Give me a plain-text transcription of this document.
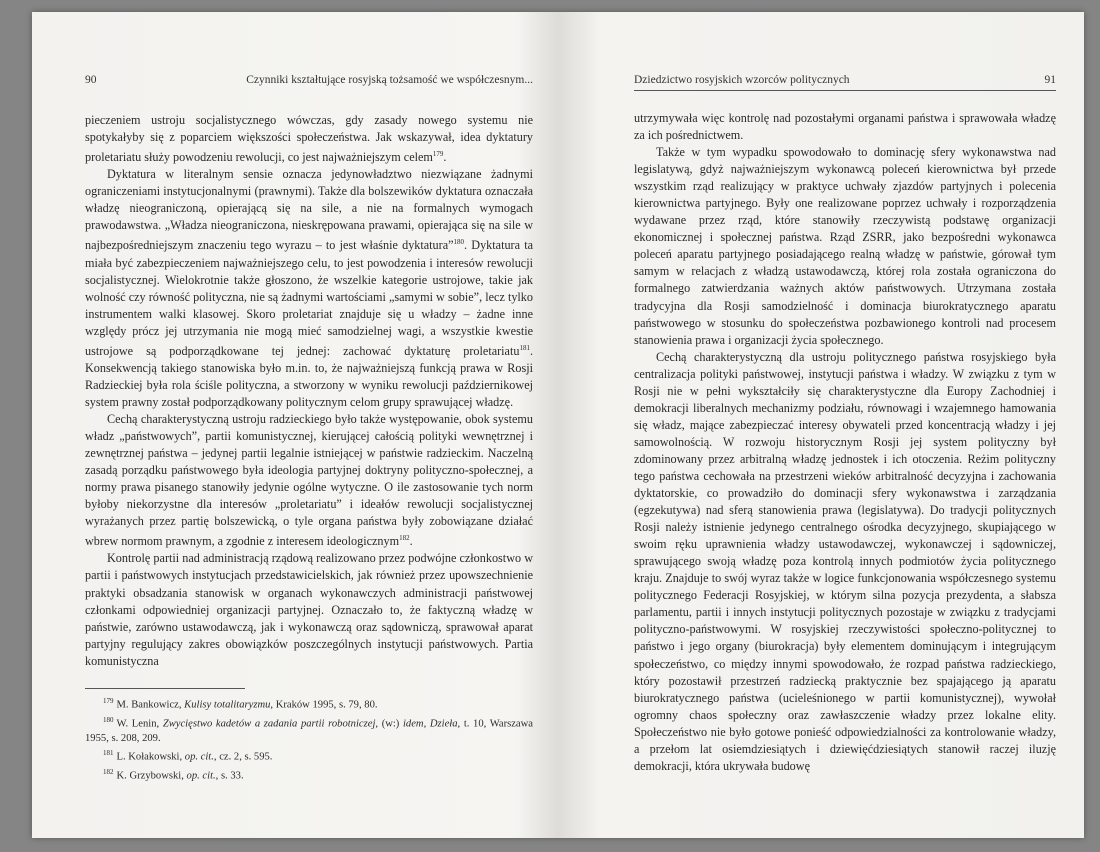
90	Czynniki kształtujące rosyjską tożsamość we współczesnym...

pieczeniem ustroju socjalistycznego wówczas, gdy zasady nowego systemu nie spotykałyby się z poparciem większości społeczeństwa. Jak wskazywał, idea dyktatury proletariatu służy powodzeniu rewolucji, co jest najważniejszym celem$^{179}$.

Dyktatura w literalnym sensie oznacza jedynowładztwo niezwiązane żadnymi ograniczeniami instytucjonalnymi (prawnymi). Także dla bolszewików dyktatura oznaczała władzę nieograniczoną, opierającą się na sile, a nie na formalnych wymogach prawodawstwa. „Władza nieograniczona, nieskrępowana prawami, opierająca się na sile w najbezpośredniejszym znaczeniu tego wyrazu – to jest właśnie dyktatura”$^{180}$. Dyktatura ta miała być zabezpieczeniem najważniejszego celu, to jest powodzenia i interesów rewolucji socjalistycznej. Wielokrotnie także głoszono, że wszelkie kategorie ustrojowe, takie jak wolność czy równość polityczna, nie są żadnymi wartościami „samymi w sobie”, lecz tylko instrumentem walki klasowej. Skoro proletariat znajduje się u władzy – żadne inne względy prócz jej utrzymania nie mogą mieć samodzielnej wagi, a wszystkie kwestie ustrojowe są podporządkowane tej jednej: zachować dyktaturę proletariatu$^{181}$. Konsekwencją takiego stanowiska było m.in. to, że najważniejszą funkcją prawa w Rosji Radzieckiej była rola ściśle polityczna, a stworzony w wyniku rewolucji październikowej system prawny został podporządkowany politycznym celom grupy sprawującej władzę.

Cechą charakterystyczną ustroju radzieckiego było także występowanie, obok systemu władz „państwowych”, partii komunistycznej, kierującej całością polityki wewnętrznej i zewnętrznej państwa – jedynej partii legalnie istniejącej w państwie radzieckim. Naczelną zasadą porządku państwowego była ideologia partyjnej doktryny polityczno-społecznej, a normy prawa pisanego stanowiły jedynie ogólne wytyczne. O ile zastosowanie tych norm byłoby niekorzystne dla interesów „proletariatu” i ideałów rewolucji socjalistycznej wyrażanych przez partię bolszewicką, o tyle organa państwa były zobowiązane działać wbrew normom prawnym, a zgodnie z interesem ideologicznym$^{182}$.

Kontrolę partii nad administracją rządową realizowano przez podwójne członkostwo w partii i państwowych instytucjach przedstawicielskich, jak również przez upowszechnienie praktyki obsadzania stanowisk w organach wykonawczych administracji państwowej członkami odpowiedniej organizacji partyjnej. Oznaczało to, że faktyczną władzę w państwie, zarówno ustawodawczą, jak i wykonawczą oraz sądowniczą, sprawował aparat partyjny regulujący zakres obowiązków poszczególnych instytucji państwowych. Partia komunistyczna

$^{179}$ M. Bankowicz, Kulisy totalitaryzmu, Kraków 1995, s. 79, 80.

$^{180}$ W. Lenin, Zwycięstwo kadetów a zadania partii robotniczej, (w:) idem, Dzieła, t. 10, Warszawa 1955, s. 208, 209.

$^{181}$ L. Kołakowski, op. cit., cz. 2, s. 595.

$^{182}$ K. Grzybowski, op. cit., s. 33.

Dziedzictwo rosyjskich wzorców politycznych	91

utrzymywała więc kontrolę nad pozostałymi organami państwa i sprawowała władzę za ich pośrednictwem.

Także w tym wypadku spowodowało to dominację sfery wykonawstwa nad legislatywą, gdyż najważniejszym wykonawcą poleceń kierownictwa był przede wszystkim rząd realizujący w praktyce uchwały zjazdów partyjnych i polecenia kierownictwa partyjnego. Były one realizowane poprzez uchwały i rozporządzenia wydawane przez rząd, które stanowiły rzeczywistą podstawę organizacji ekonomicznej i społecznej państwa. Rząd ZSRR, jako bezpośredni wykonawca poleceń aparatu partyjnego posiadającego realną władzę w państwie, górował tym samym w relacjach z władzą ustawodawczą, której rola została ograniczona do formalnego zatwierdzania ważnych aktów państwowych. Utrzymana została tradycyjna dla Rosji samodzielność i dominacja biurokratycznego aparatu państwowego w stosunku do społeczeństwa pozbawionego kontroli nad procesem stanowienia prawa i organizacji życia społecznego.

Cechą charakterystyczną dla ustroju politycznego państwa rosyjskiego była centralizacja polityki państwowej, instytucji państwa i władzy. W związku z tym w Rosji nie w pełni wykształciły się charakterystyczne dla Europy Zachodniej i demokracji liberalnych mechanizmy podziału, równowagi i wzajemnego hamowania się władz, mające zabezpieczać interesy obywateli przed koncentracją władzy i jej samowolnością. W rozwoju historycznym Rosji jej system polityczny był zdominowany przez arbitralną władzę jednostek i ich otoczenia. Reżim polityczny tego państwa cechowała na przestrzeni wieków arbitralność decyzyjna i zachowania dyktatorskie, co prowadziło do dominacji sfery wykonawstwa i zarządzania (egzekutywa) nad sferą stanowienia prawa (legislatywa). Do tradycji politycznych Rosji należy istnienie jedynego centralnego ośrodka decyzyjnego, skupiającego w swoim ręku uprawnienia władzy ustawodawczej, wykonawczej i sądowniczej, sprawującego swoją władzę poza kontrolą innych podmiotów życia politycznego kraju. Znajduje to swój wyraz także w logice funkcjonowania współczesnego systemu politycznego Federacji Rosyjskiej, w którym silna pozycja prezydenta, a słabsza parlamentu, partii i innych instytucji politycznych pozostaje w związku z tradycjami polityczno-państwowymi. W rosyjskiej rzeczywistości społeczno-politycznej to państwo i jego organy (biurokracja) były elementem dominującym i integrującym społeczeństwo, co między innymi spowodowało, że rozpad państwa radzieckiego, który pozostawił przestrzeń radziecką praktycznie bez spajającego ją aparatu biurokratycznego państwa (ucieleśnionego w partii komunistycznej), wywołał ogromny chaos społeczny oraz zawłaszczenie władzy przez lokalne elity. Społeczeństwo nie było gotowe ponieść odpowiedzialności za kontrolowanie władzy, a przełom lat osiemdziesiątych i dziewięćdziesiątych stanowił raczej iluzję demokracji, która ukrywała budowę
